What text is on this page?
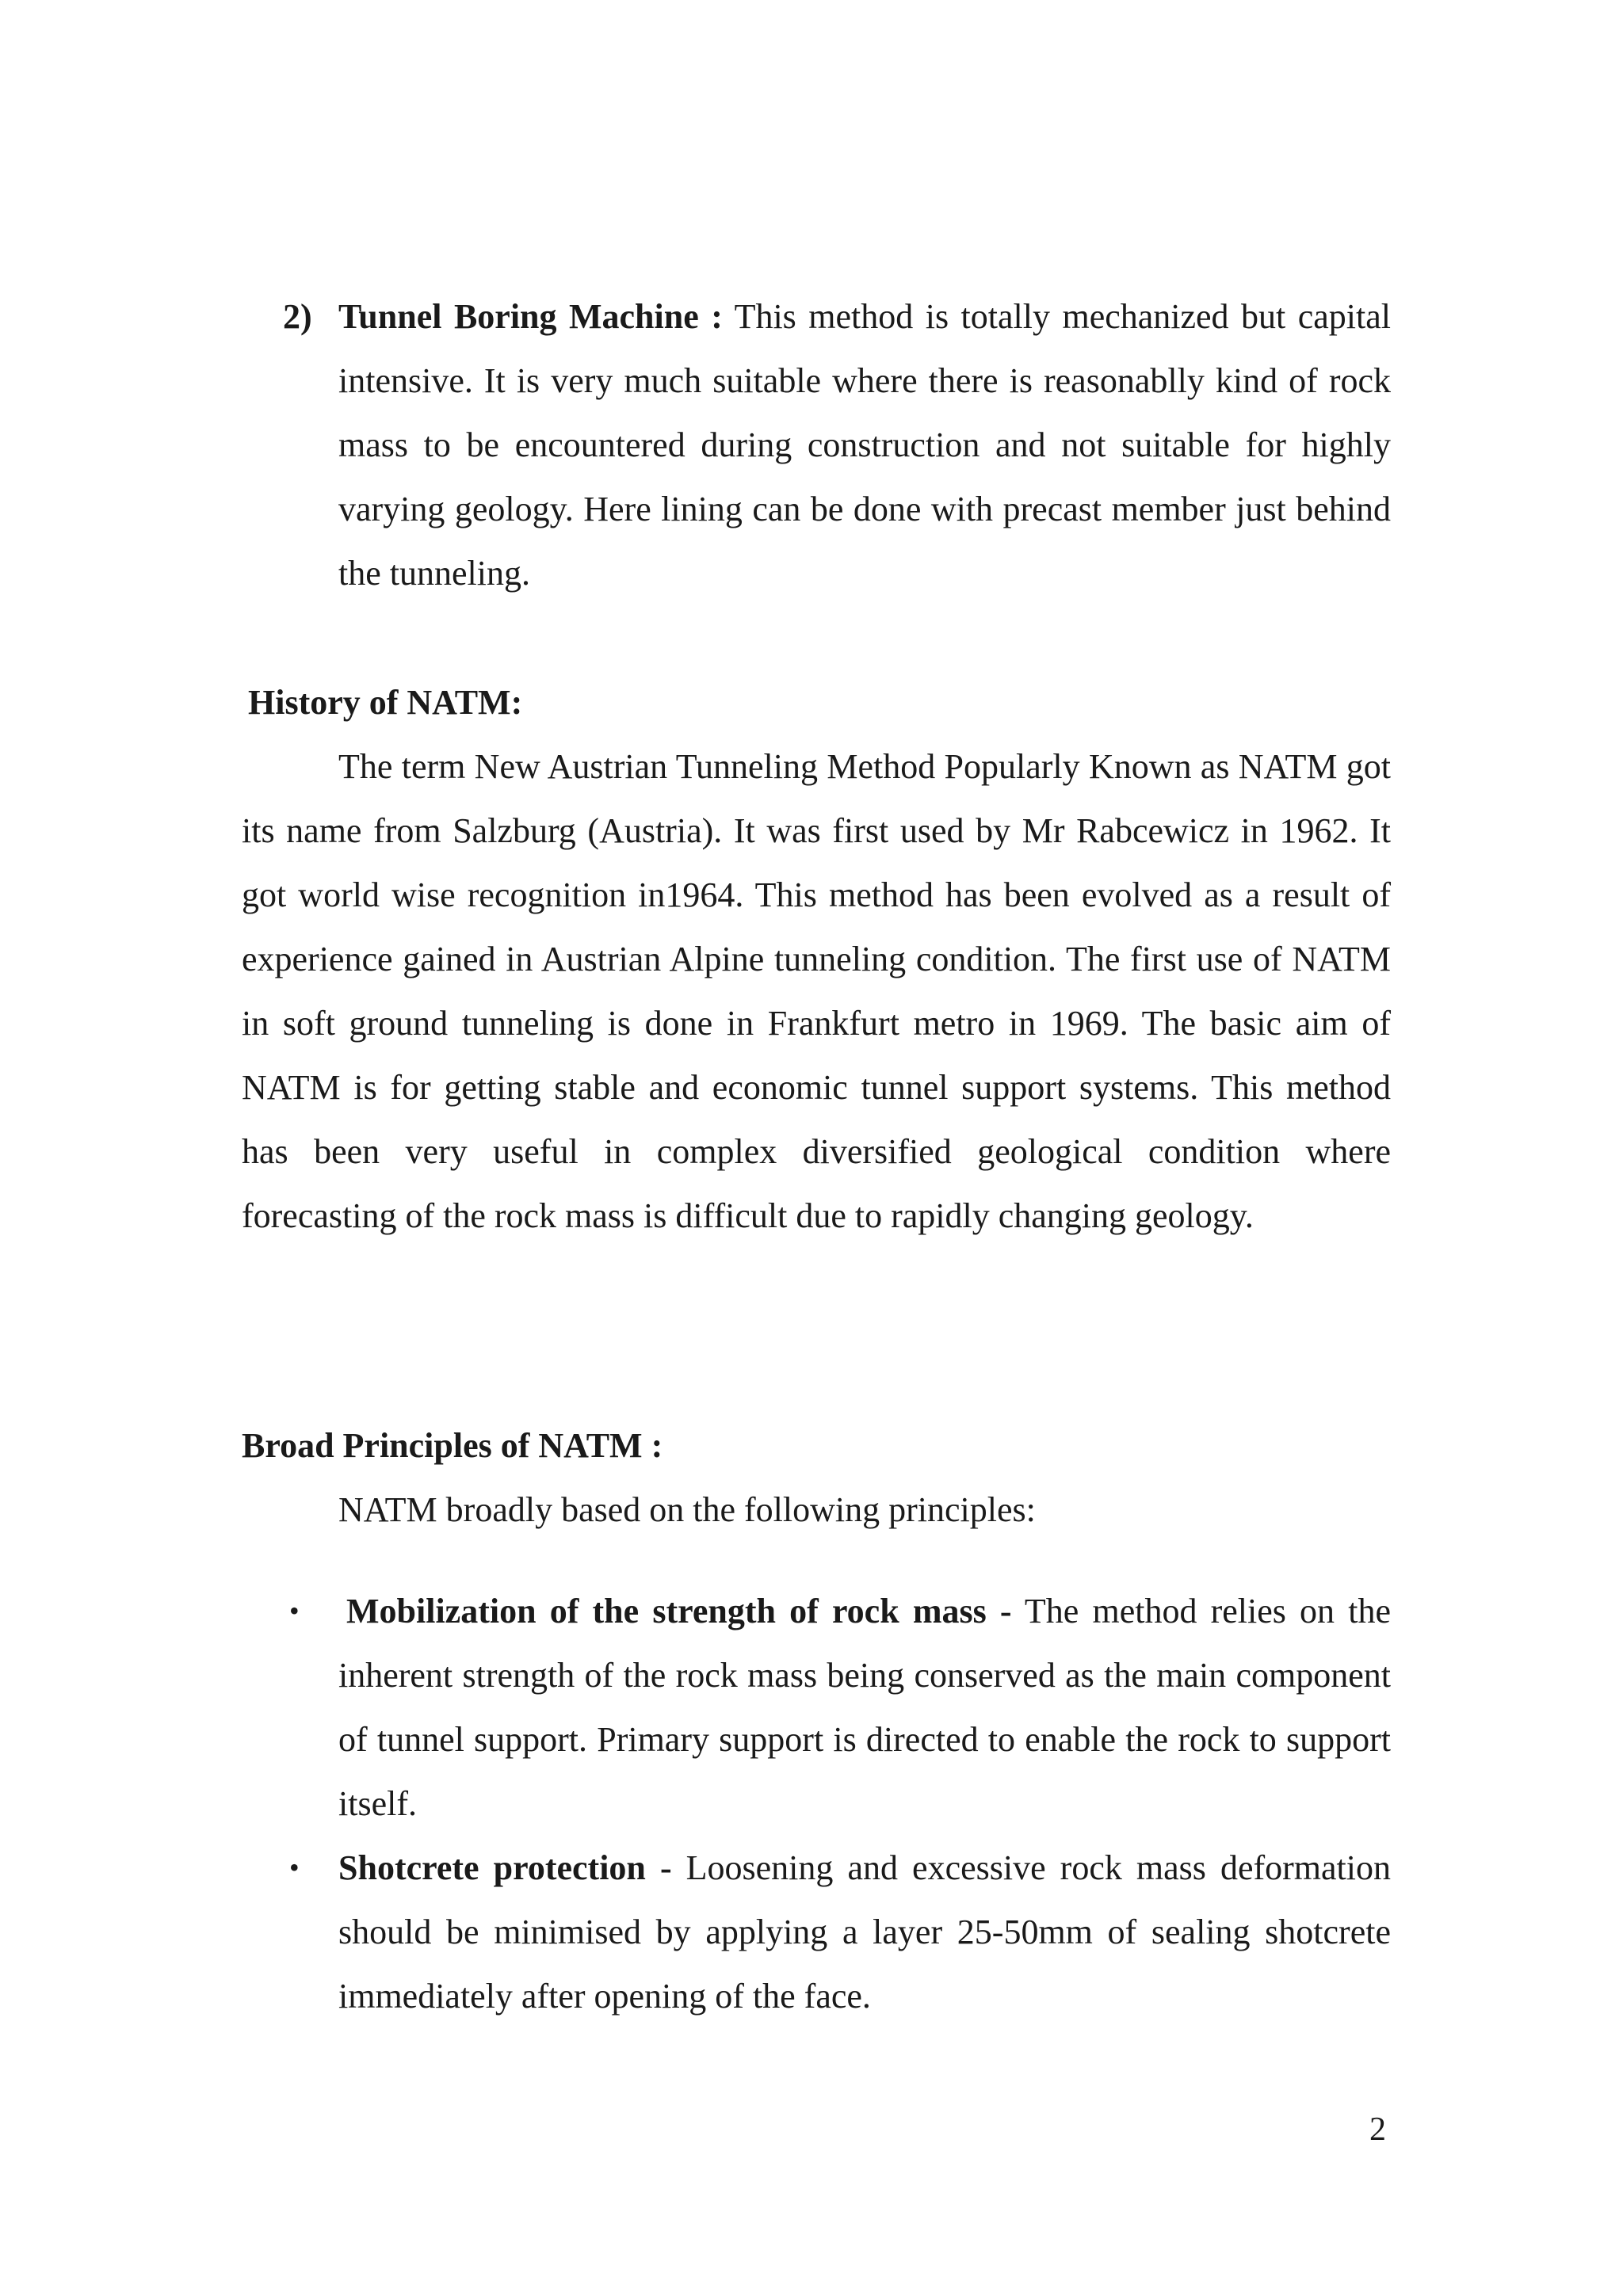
2) Tunnel Boring Machine : This method is totally mechanized but capital intensive. It is very much suitable where there is reasonablly kind of rock mass to be encountered during construction and not suitable for highly varying geology. Here lining can be done with precast member just behind the tunneling.
History of NATM:
The term New Austrian Tunneling Method Popularly Known as NATM got its name from Salzburg (Austria). It was first used by Mr Rabcewicz in 1962. It got world wise recognition in1964. This method has been evolved as a result of experience gained in Austrian Alpine tunneling condition. The first use of NATM in soft ground tunneling is done in Frankfurt metro in 1969. The basic aim of NATM is for getting stable and economic tunnel support systems. This method has been very useful in complex diversified geological condition where forecasting of the rock mass is difficult due to rapidly changing geology.
Broad Principles of NATM :
NATM broadly based on the following principles:
• Mobilization of the strength of rock mass - The method relies on the inherent strength of the rock mass being conserved as the main component of tunnel support. Primary support is directed to enable the rock to support itself.
• Shotcrete protection - Loosening and excessive rock mass deformation should be minimised by applying a layer 25-50mm of sealing shotcrete immediately after opening of the face.
2
